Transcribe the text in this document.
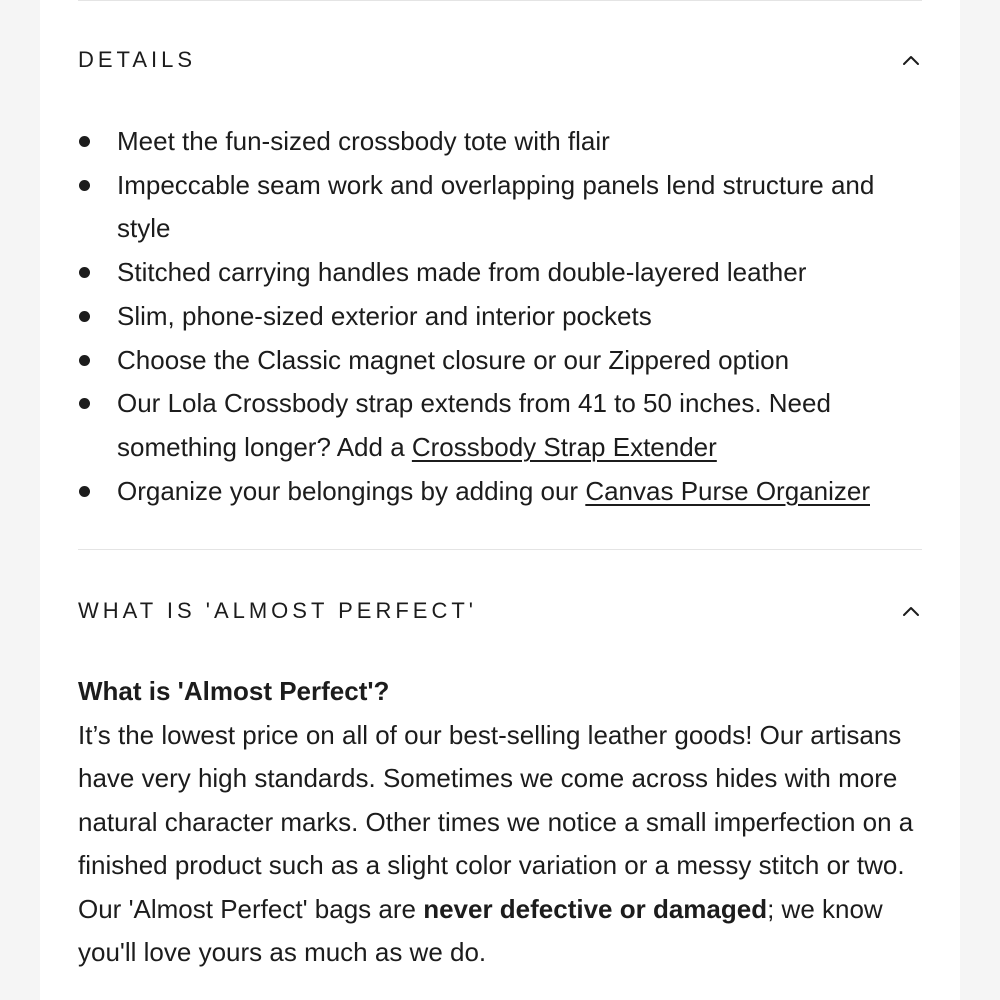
DETAILS
Meet the fun-sized crossbody tote with flair
Impeccable seam work and overlapping panels lend structure and style
Stitched carrying handles made from double-layered leather
Slim, phone-sized exterior and interior pockets
Choose the Classic magnet closure or our Zippered option
Our Lola Crossbody strap extends from 41 to 50 inches. Need something longer? Add a Crossbody Strap Extender
Organize your belongings by adding our Canvas Purse Organizer
WHAT IS 'ALMOST PERFECT'
What is 'Almost Perfect'?
It’s the lowest price on all of our best-selling leather goods! Our artisans have very high standards. Sometimes we come across hides with more natural character marks. Other times we notice a small imperfection on a finished product such as a slight color variation or a messy stitch or two. Our 'Almost Perfect' bags are never defective or damaged; we know you'll love yours as much as we do.
